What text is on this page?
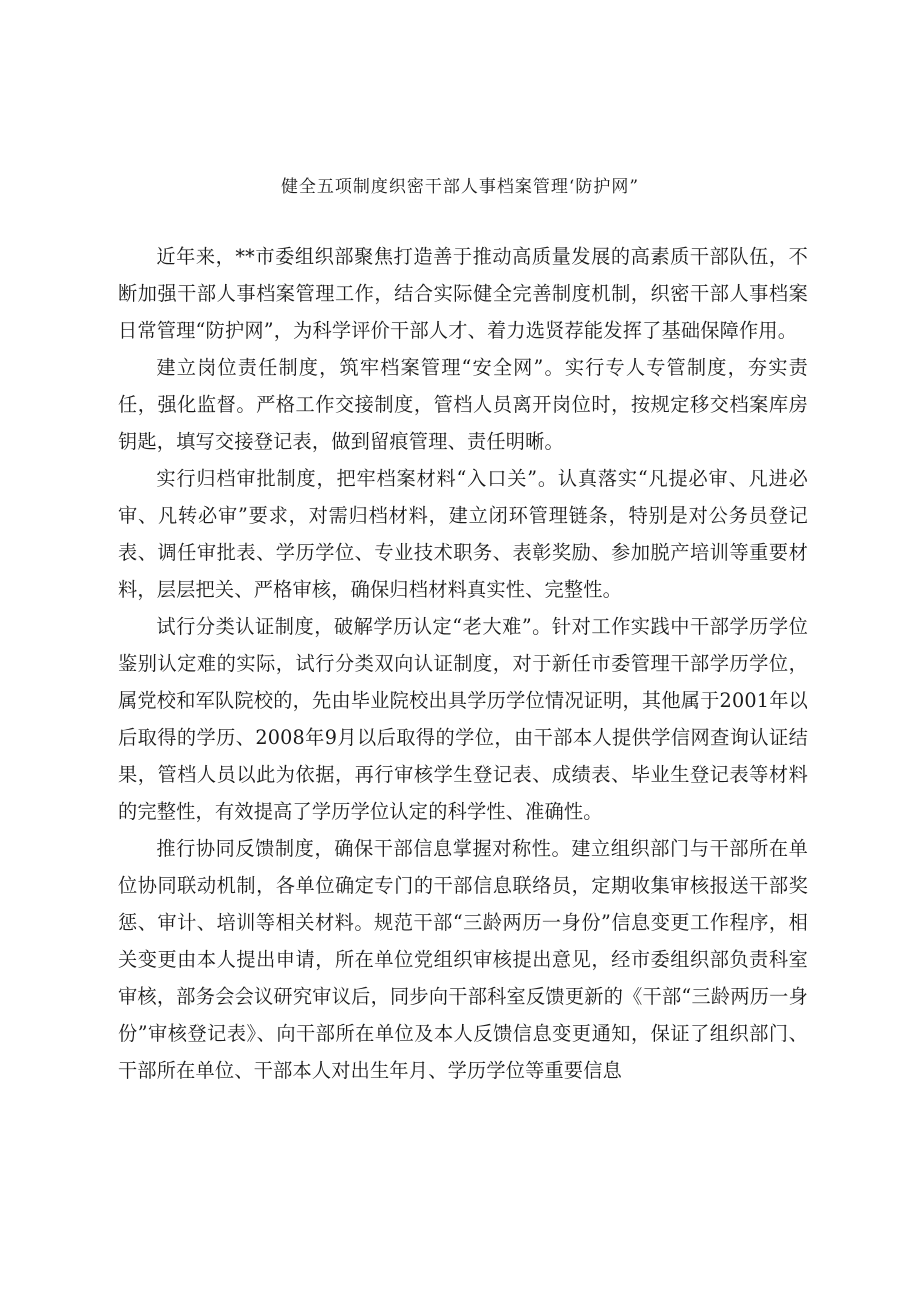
健全五项制度织密干部人事档案管理‘防护网”

近年来，**市委组织部聚焦打造善于推动高质量发展的高素质干部队伍，不断加强干部人事档案管理工作，结合实际健全完善制度机制，织密干部人事档案日常管理“防护网”，为科学评价干部人才、着力选贤荐能发挥了基础保障作用。

建立岗位责任制度，筑牢档案管理“安全网”。实行专人专管制度，夯实责任，强化监督。严格工作交接制度，管档人员离开岗位时，按规定移交档案库房钥匙，填写交接登记表，做到留痕管理、责任明晰。

实行归档审批制度，把牢档案材料“入口关”。认真落实“凡提必审、凡进必审、凡转必审”要求，对需归档材料，建立闭环管理链条，特别是对公务员登记表、调任审批表、学历学位、专业技术职务、表彰奖励、参加脱产培训等重要材料，层层把关、严格审核，确保归档材料真实性、完整性。

试行分类认证制度，破解学历认定“老大难”。针对工作实践中干部学历学位鉴别认定难的实际，试行分类双向认证制度，对于新任市委管理干部学历学位，属党校和军队院校的，先由毕业院校出具学历学位情况证明，其他属于2001年以后取得的学历、2008年9月以后取得的学位，由干部本人提供学信网查询认证结果，管档人员以此为依据，再行审核学生登记表、成绩表、毕业生登记表等材料的完整性，有效提高了学历学位认定的科学性、准确性。

推行协同反馈制度，确保干部信息掌握对称性。建立组织部门与干部所在单位协同联动机制，各单位确定专门的干部信息联络员，定期收集审核报送干部奖惩、审计、培训等相关材料。规范干部“三龄两历一身份”信息变更工作程序，相关变更由本人提出申请，所在单位党组织审核提出意见，经市委组织部负责科室审核，部务会会议研究审议后，同步向干部科室反馈更新的《干部“三龄两历一身份”审核登记表》、向干部所在单位及本人反馈信息变更通知，保证了组织部门、干部所在单位、干部本人对出生年月、学历学位等重要信息
